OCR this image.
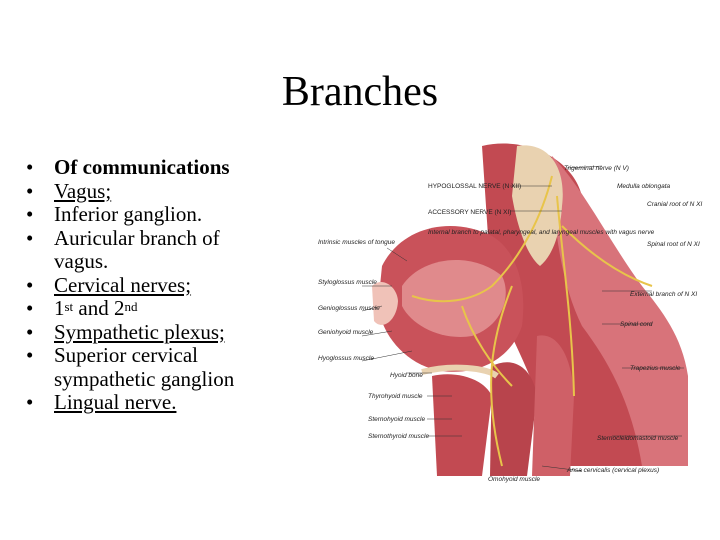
Branches
• Of communications
• Vagus;
• Inferior ganglion.
• Auricular branch of vagus.
• Cervical nerves;
• 1st and 2nd
• Sympathetic plexus;
• Superior cervical sympathetic ganglion
• Lingual nerve.
Trigeminal nerve (N V)
HYPOGLOSSAL NERVE (N XII)	Medulla oblongata
ACCESSORY NERVE (N XI)
Cranial root of N XI
Internal branch to palatal, pharyngeal, and laryngeal muscles with vagus nerve
Intrinsic muscles of tongue	Spinal root of N XI
Styloglossus muscle
Genioglossus muscle
External branch of N XI
Geniohyoid muscle
Spinal cord
Hyoglossus muscle
Hyoid bone
Trapezius muscle
Thyrohyoid muscle
Sternohyoid muscle
Sternothyroid muscle	Sternocleidomastoid muscle
Ansa cervicalis (cervical plexus)
Omohyoid muscle
